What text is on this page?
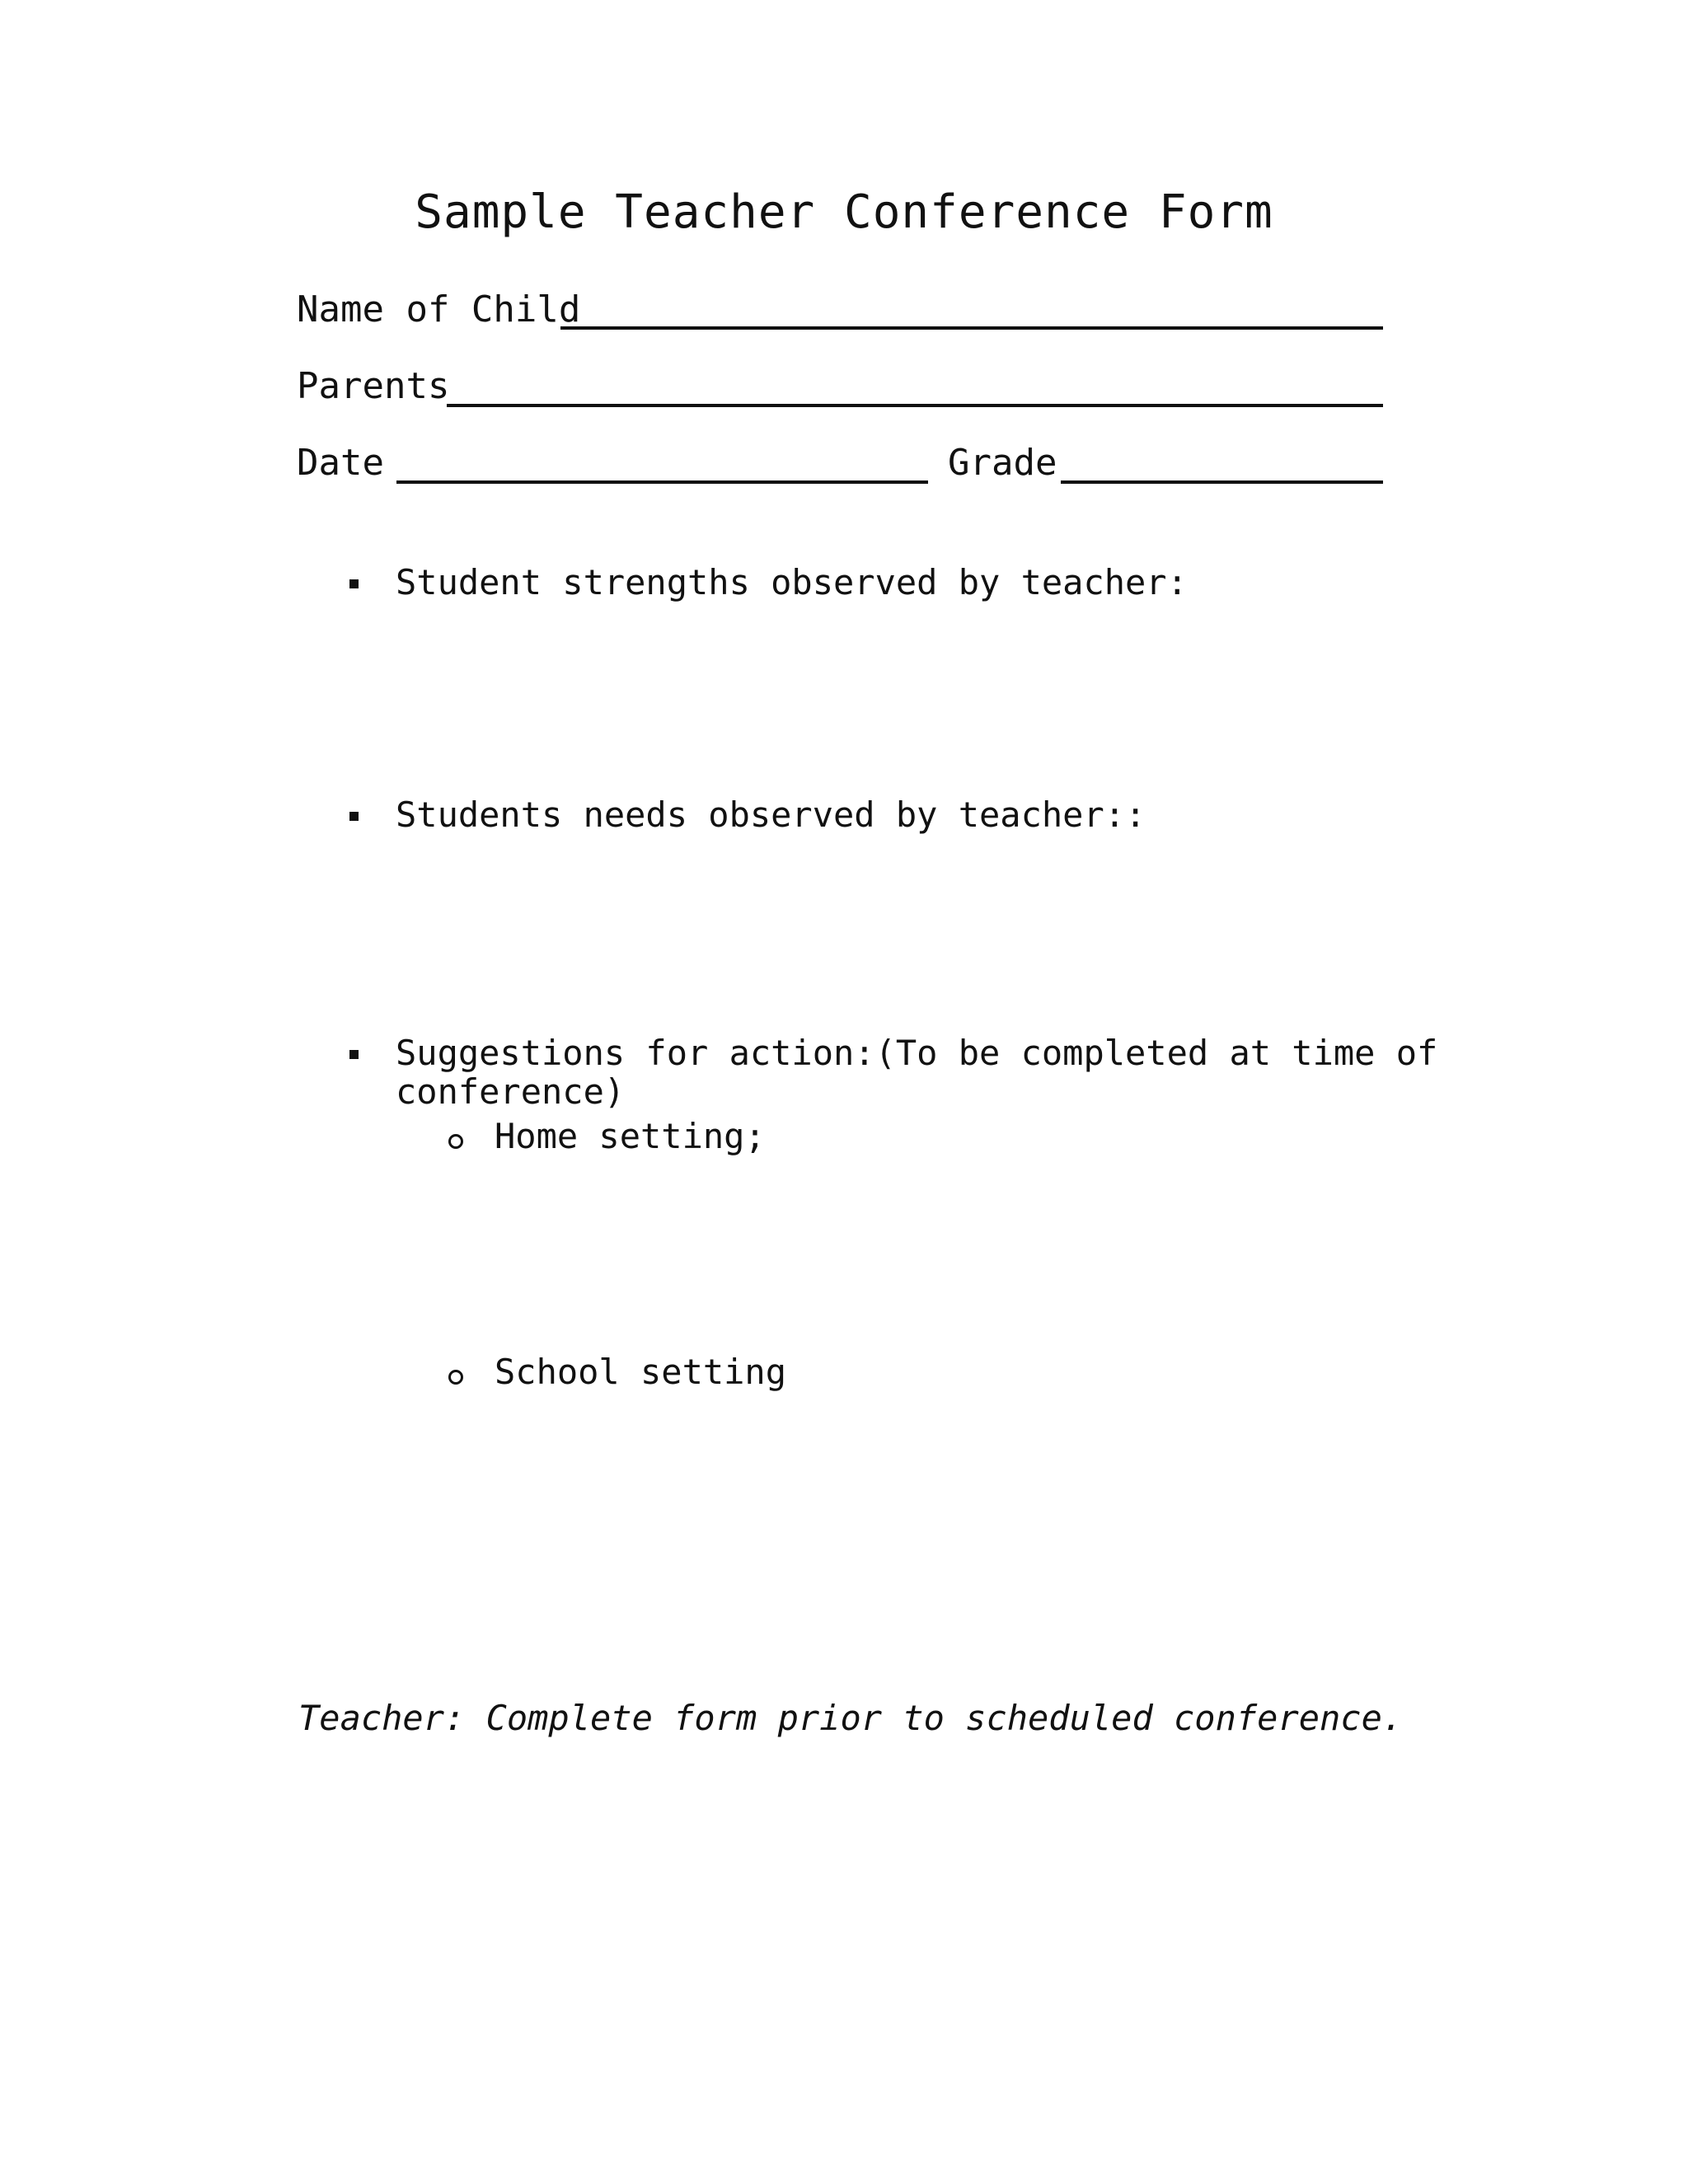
Sample Teacher Conference Form
Name of Child
Parents
Date	Grade
Student strengths observed by teacher:
Students needs observed by teacher::
Suggestions for action:(To be completed at time of
conference)
Home setting;
School setting
Teacher: Complete form prior to scheduled conference.
